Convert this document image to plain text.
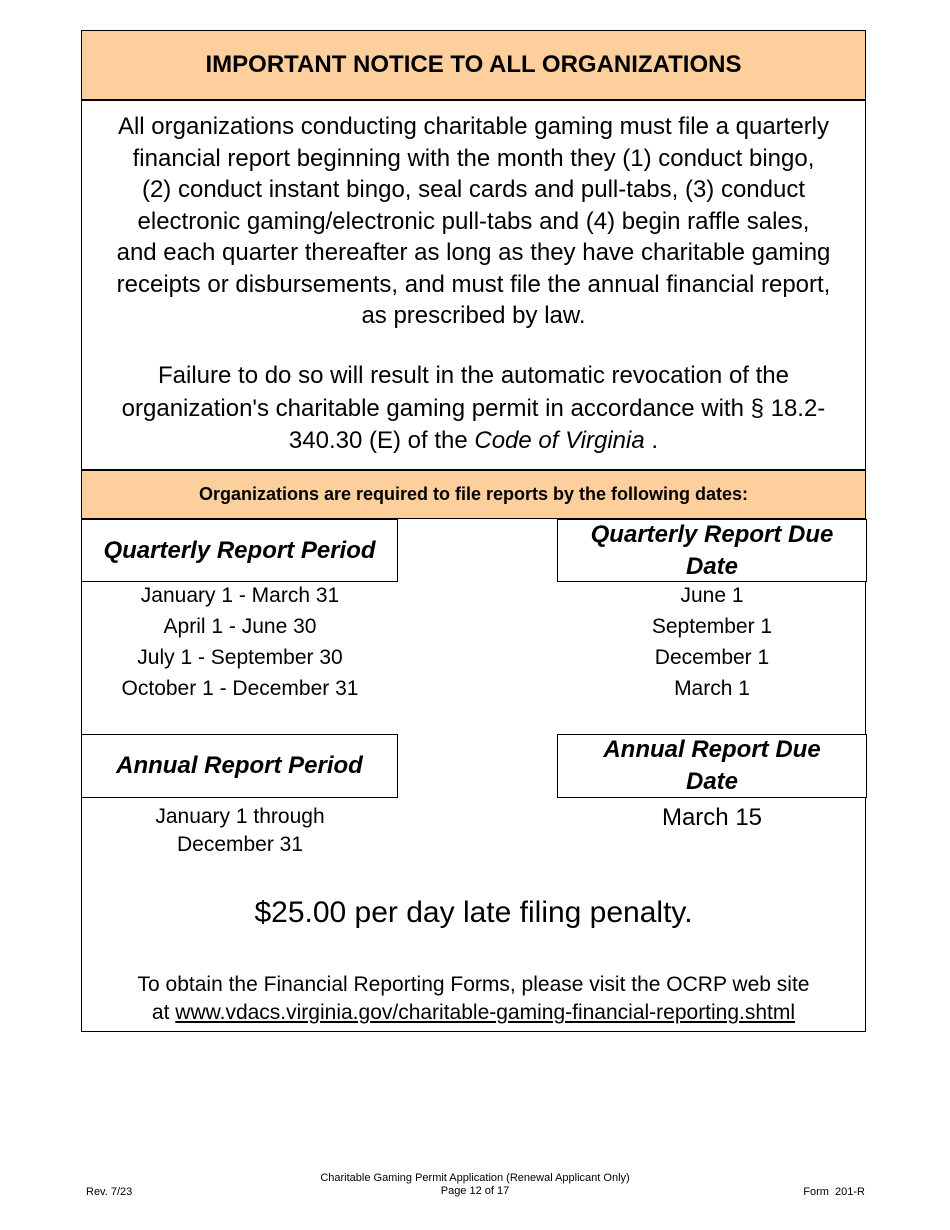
IMPORTANT NOTICE TO ALL ORGANIZATIONS
All organizations conducting charitable gaming must file a quarterly
financial report beginning with the month they (1) conduct bingo,
(2) conduct instant bingo, seal cards and pull-tabs, (3) conduct
electronic gaming/electronic pull-tabs and (4) begin raffle sales,
and each quarter thereafter as long as they have charitable gaming
receipts or disbursements, and must file the annual financial report,
as prescribed by law.
Failure to do so will result in the automatic revocation of the
organization's charitable gaming permit in accordance with § 18.2-
340.30 (E) of the Code of Virginia .
Organizations are required to file reports by the following dates:
Quarterly Report Period
Quarterly Report Due
Date
January 1 - March 31
April 1 - June 30
July 1 - September 30
October 1 - December 31
June 1
September 1
December 1
March 1
Annual Report Period
Annual Report Due
Date
January 1 through
December 31
March 15
$25.00 per day late filing penalty.
To obtain the Financial Reporting Forms, please visit the OCRP web site
at www.vdacs.virginia.gov/charitable-gaming-financial-reporting.shtml
Rev. 7/23
Charitable Gaming Permit Application (Renewal Applicant Only)
Page 12 of 17	Form  201-R
